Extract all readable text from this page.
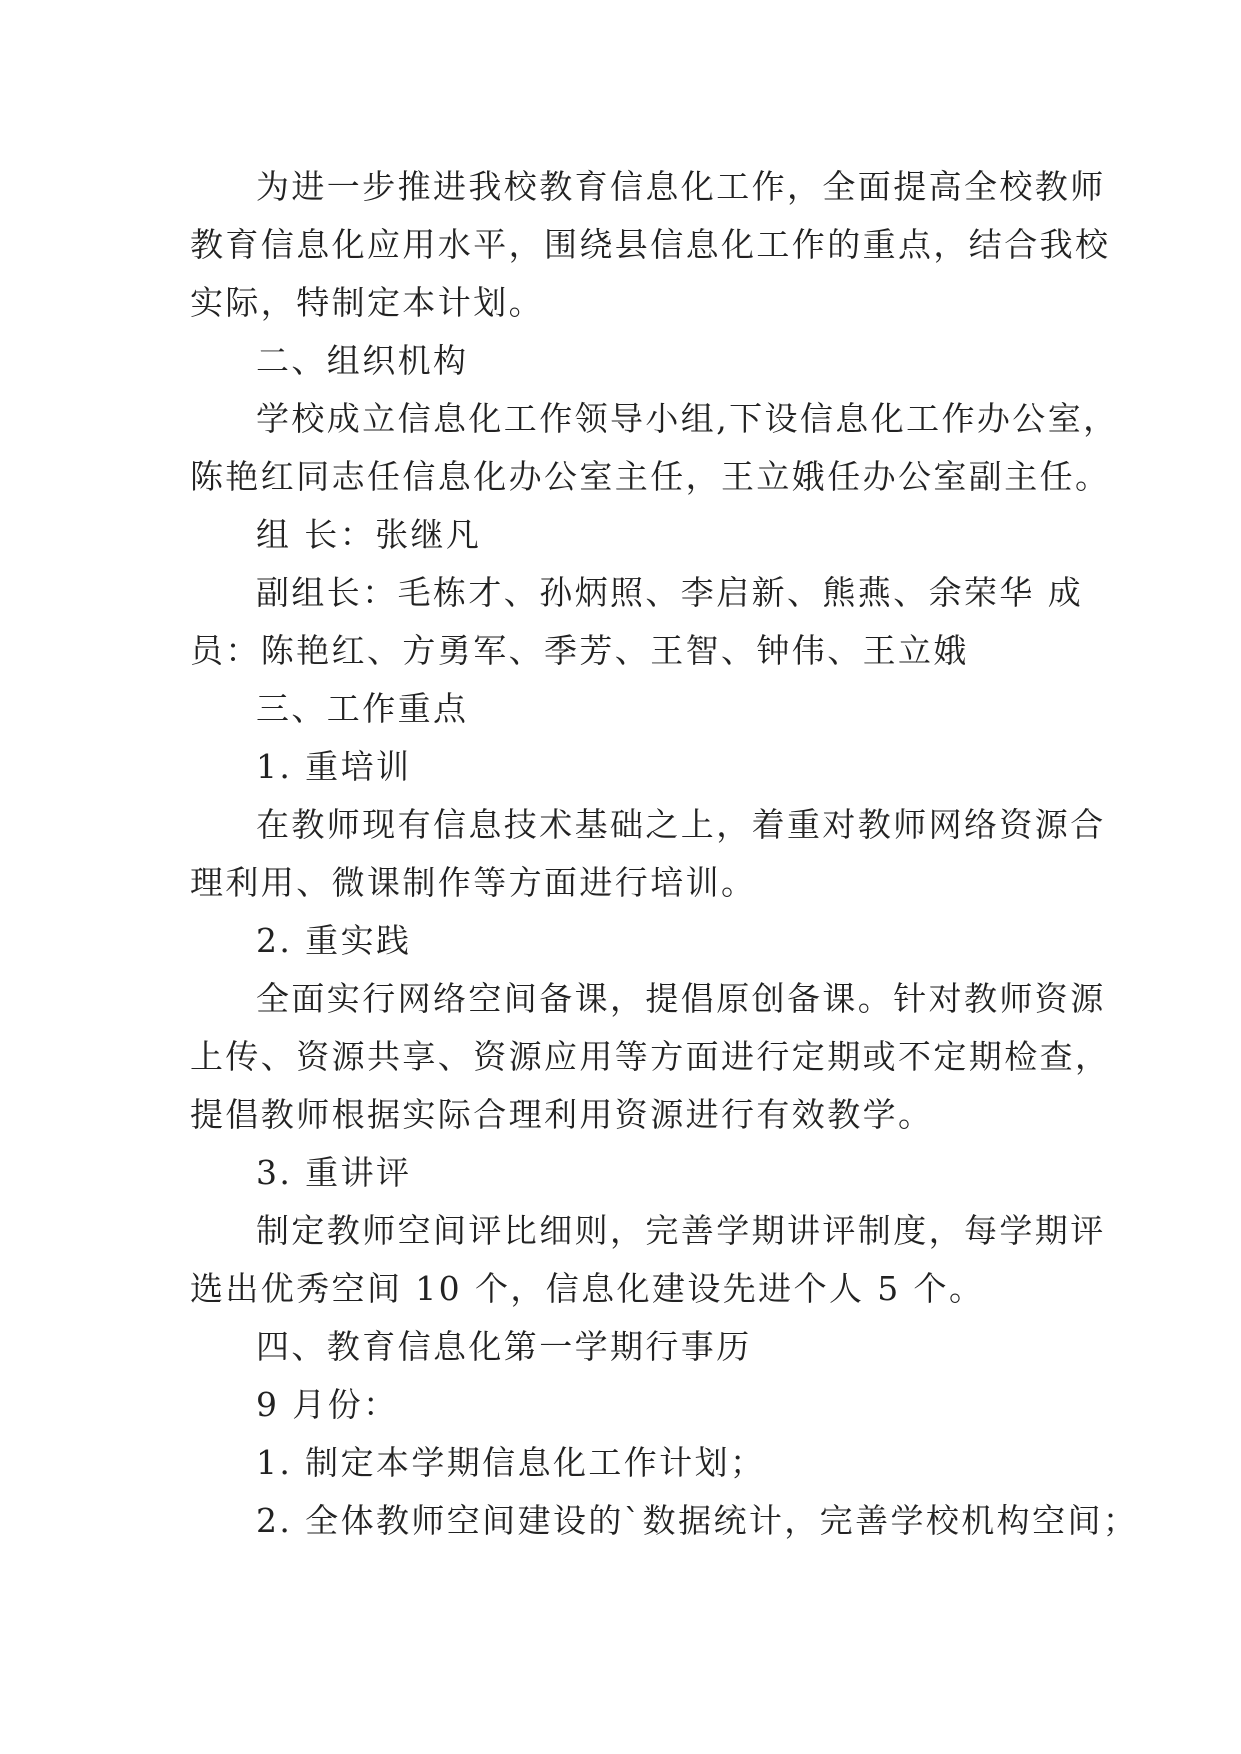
为进一步推进我校教育信息化工作，全面提高全校教师
教育信息化应用水平，围绕县信息化工作的重点，结合我校
实际，特制定本计划。
二、组织机构
学校成立信息化工作领导小组,下设信息化工作办公室，
陈艳红同志任信息化办公室主任，王立娥任办公室副主任。
组 长：张继凡
副组长：毛栋才、孙炳照、李启新、熊燕、余荣华 成
员：陈艳红、方勇军、季芳、王智、钟伟、王立娥
三、工作重点
1. 重培训
在教师现有信息技术基础之上，着重对教师网络资源合
理利用、微课制作等方面进行培训。
2. 重实践
全面实行网络空间备课，提倡原创备课。针对教师资源
上传、资源共享、资源应用等方面进行定期或不定期检查，
提倡教师根据实际合理利用资源进行有效教学。
3. 重讲评
制定教师空间评比细则，完善学期讲评制度，每学期评
选出优秀空间 10 个，信息化建设先进个人 5 个。
四、教育信息化第一学期行事历
9 月份：
1. 制定本学期信息化工作计划；
2. 全体教师空间建设的`数据统计，完善学校机构空间；
